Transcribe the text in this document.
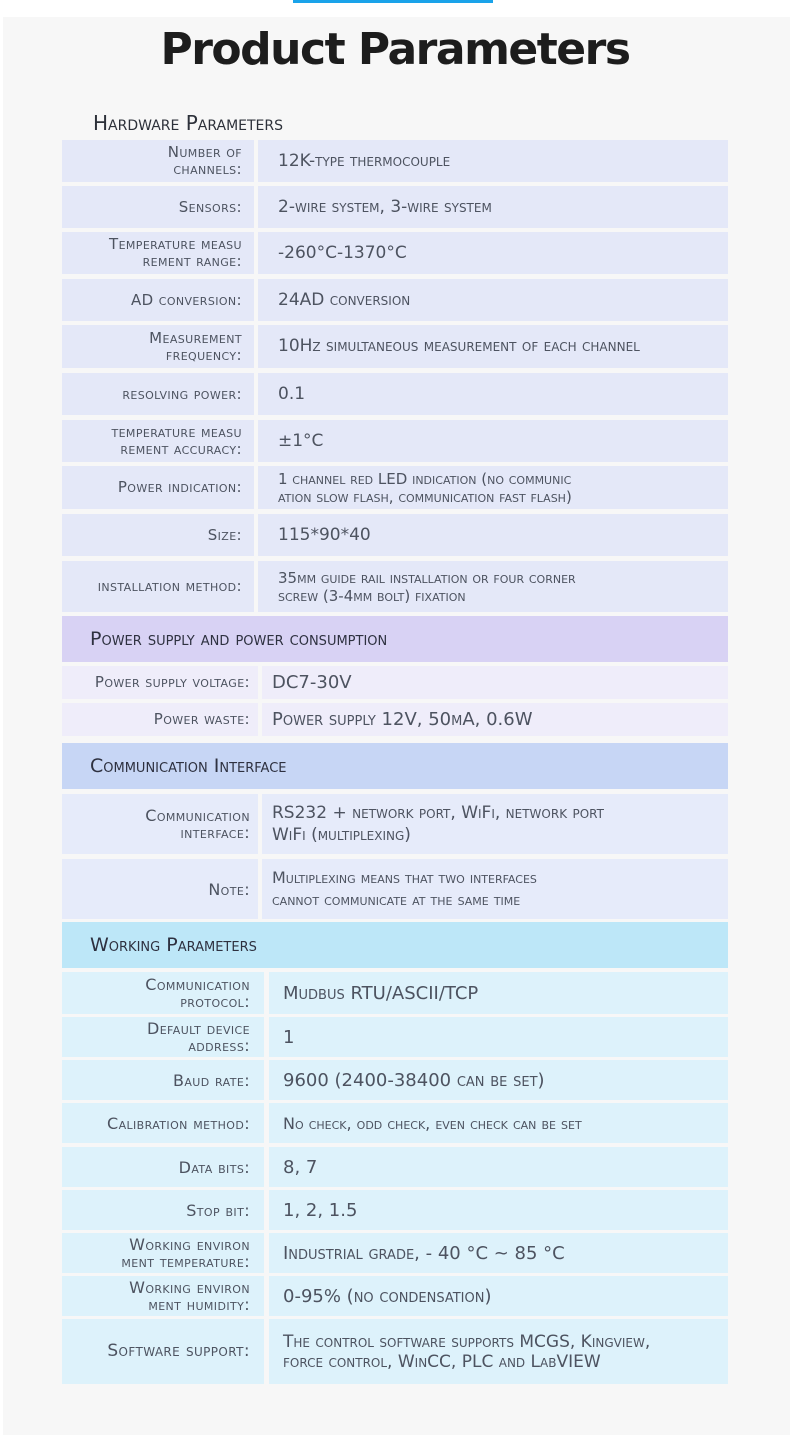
Product Parameters
Hardware Parameters
Number of
channels: 12K-type thermocouple
Sensors: 2-wire system, 3-wire system
Temperature measu
rement range: -260°C-1370°C
AD conversion: 24AD conversion
Measurement
frequency: 10Hz simultaneous measurement of each channel
resolving power: 0.1
temperature measu
rement accuracy: ±1°C
Power indication: 1 channel red LED indication (no communic
ation slow flash, communication fast flash)
Size: 115*90*40
installation method: 35mm guide rail installation or four corner
screw (3-4mm bolt) fixation
Power supply and power consumption
Power supply voltage: DC7-30V
Power waste: Power supply 12V, 50mA, 0.6W
Communication Interface
Communication
interface:
RS232 + network port, WiFi, network port
WiFi (multiplexing)
Note:
Multiplexing means that two interfaces
cannot communicate at the same time
Working Parameters
Communication
protocol: Mudbus RTU/ASCII/TCP
Default device
address: 1
Baud rate: 9600 (2400-38400 can be set)
Calibration method: No check, odd check, even check can be set
Data bits: 8, 7
Stop bit: 1, 2, 1.5
Working environ
ment temperature: Industrial grade, - 40 °C ~ 85 °C
Working environ
ment humidity: 0-95% (no condensation)
Software support: The control software supports MCGS, Kingview,
force control, WinCC, PLC and LabVIEW
